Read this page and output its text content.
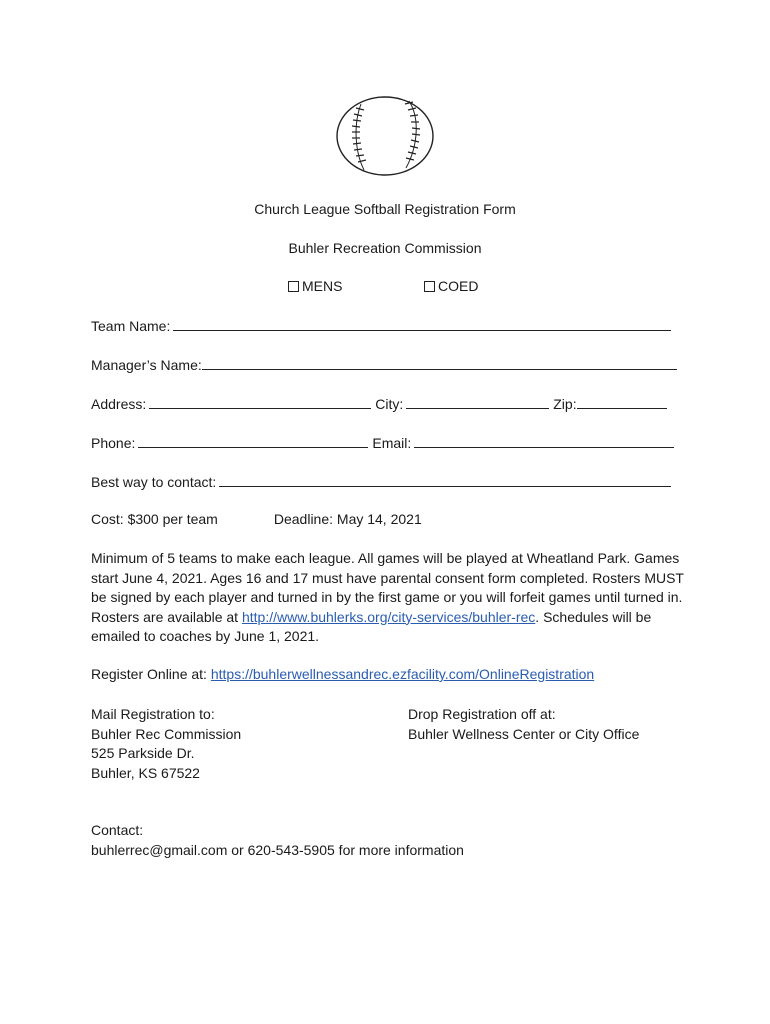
Church League Softball Registration Form
Buhler Recreation Commission
MENS	COED
Team Name:
Manager’s Name:
Address:	City:	Zip:
Phone:	Email:
Best way to contact:
Cost: $300 per team	Deadline: May 14, 2021
Minimum of 5 teams to make each league. All games will be played at Wheatland Park. Games start June 4, 2021. Ages 16 and 17 must have parental consent form completed. Rosters MUST be signed by each player and turned in by the first game or you will forfeit games until turned in. Rosters are available at http://www.buhlerks.org/city-services/buhler-rec. Schedules will be emailed to coaches by June 1, 2021.
Register Online at: https://buhlerwellnessandrec.ezfacility.com/OnlineRegistration
Mail Registration to:
Buhler Rec Commission
525 Parkside Dr.
Buhler, KS 67522
Drop Registration off at:
Buhler Wellness Center or City Office
Contact:
buhlerrec@gmail.com or 620-543-5905 for more information
